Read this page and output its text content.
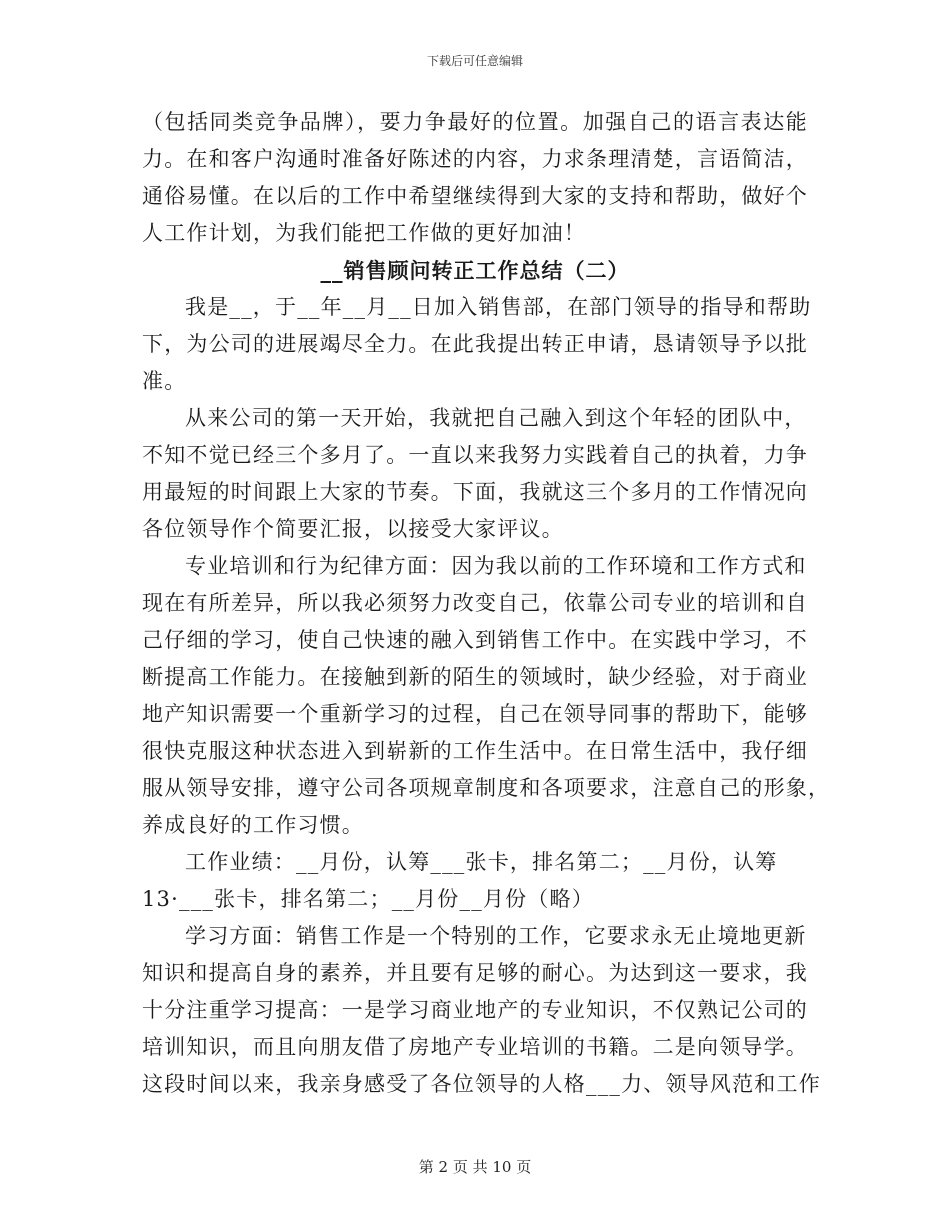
下载后可任意编辑
（包括同类竞争品牌），要力争最好的位置。加强自己的语言表达能
力。在和客户沟通时准备好陈述的内容，力求条理清楚，言语简洁，
通俗易懂。在以后的工作中希望继续得到大家的支持和帮助，做好个
人工作计划，为我们能把工作做的更好加油！
__销售顾问转正工作总结（二）
我是__，于__年__月__日加入销售部，在部门领导的指导和帮助
下，为公司的进展竭尽全力。在此我提出转正申请，恳请领导予以批
准。
从来公司的第一天开始，我就把自己融入到这个年轻的团队中，
不知不觉已经三个多月了。一直以来我努力实践着自己的执着，力争
用最短的时间跟上大家的节奏。下面，我就这三个多月的工作情况向
各位领导作个简要汇报，以接受大家评议。
专业培训和行为纪律方面：因为我以前的工作环境和工作方式和
现在有所差异，所以我必须努力改变自己，依靠公司专业的培训和自
己仔细的学习，使自己快速的融入到销售工作中。在实践中学习，不
断提高工作能力。在接触到新的陌生的领域时，缺少经验，对于商业
地产知识需要一个重新学习的过程，自己在领导同事的帮助下，能够
很快克服这种状态进入到崭新的工作生活中。在日常生活中，我仔细
服从领导安排，遵守公司各项规章制度和各项要求，注意自己的形象，
养成良好的工作习惯。
工作业绩：__月份，认筹___张卡，排名第二；__月份，认筹
13·___张卡，排名第二；__月份__月份（略）
学习方面：销售工作是一个特别的工作，它要求永无止境地更新
知识和提高自身的素养，并且要有足够的耐心。为达到这一要求，我
十分注重学习提高：一是学习商业地产的专业知识，不仅熟记公司的
培训知识，而且向朋友借了房地产专业培训的书籍。二是向领导学。
这段时间以来，我亲身感受了各位领导的人格___力、领导风范和工作
第 2 页 共 10 页
